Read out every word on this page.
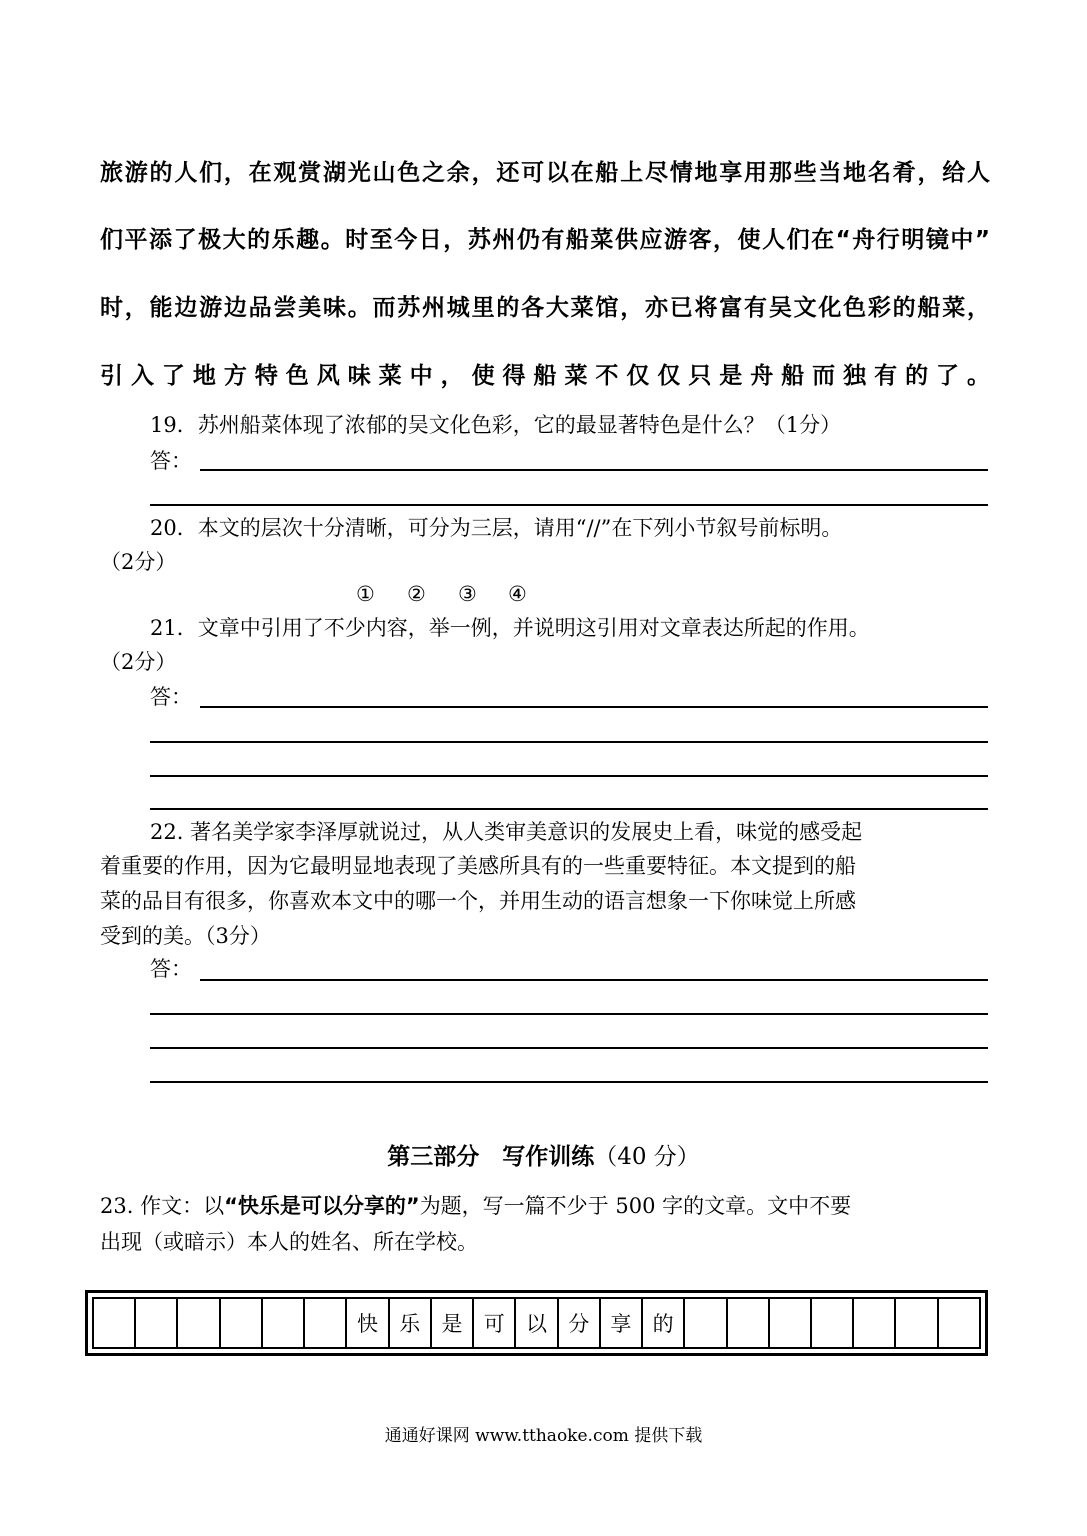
旅游的人们，在观赏湖光山色之余，还可以在船上尽情地享用那些当地名肴，给人
们平添了极大的乐趣。时至今日，苏州仍有船菜供应游客，使人们在“舟行明镜中”
时，能边游边品尝美味。而苏州城里的各大菜馆，亦已将富有吴文化色彩的船菜，
引入了地方特色风味菜中，使得船菜不仅仅只是舟船而独有的了。
19．苏州船菜体现了浓郁的吴文化色彩，它的最显著特色是什么？（1分）
答：
20．本文的层次十分清晰，可分为三层，请用“//”在下列小节叙号前标明。
（2分）
① ② ③ ④
21．文章中引用了不少内容，举一例，并说明这引用对文章表达所起的作用。
（2分）
答：
22. 著名美学家李泽厚就说过，从人类审美意识的发展史上看，味觉的感受起
着重要的作用，因为它最明显地表现了美感所具有的一些重要特征。本文提到的船
菜的品目有很多，你喜欢本文中的哪一个，并用生动的语言想象一下你味觉上所感
受到的美。（3分）
答：
第三部分　写作训练（40 分）
23. 作文：以“快乐是可以分享的”为题，写一篇不少于 500 字的文章。文中不要
出现（或暗示）本人的姓名、所在学校。
快	乐	是	可	以	分	享	的
通通好课网 www.tthaoke.com 提供下载
